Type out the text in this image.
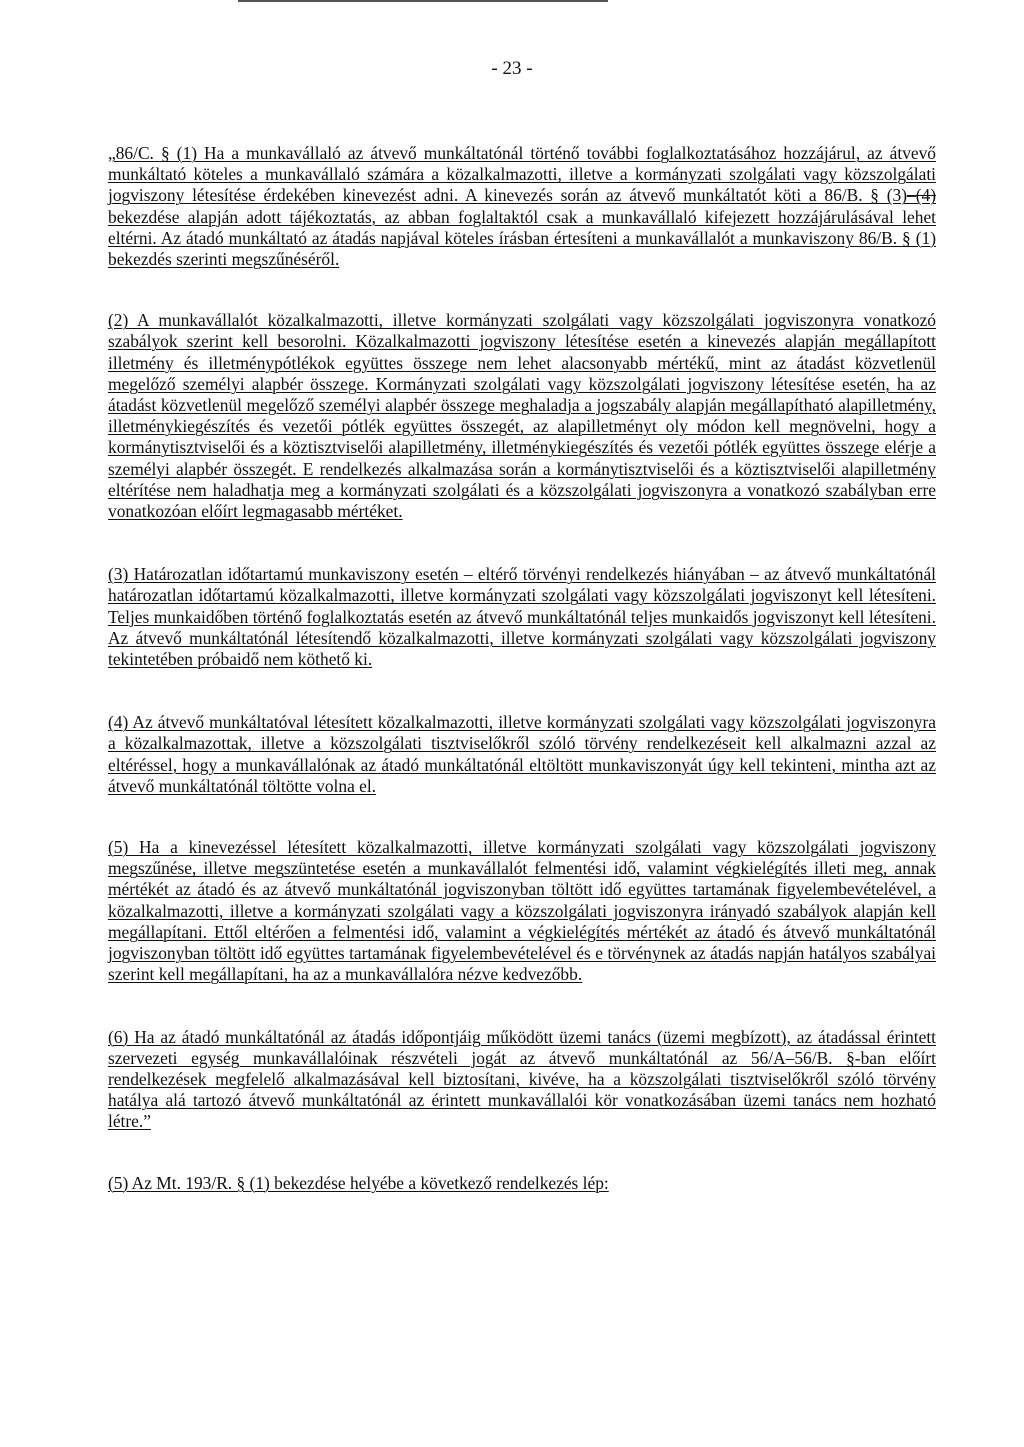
- 23 -

„86/C. § (1) Ha a munkavállaló az átvevő munkáltatónál történő további foglalkoztatásához hozzájárul, az átvevő munkáltató köteles a munkavállaló számára a közalkalmazotti, illetve a kormányzati szolgálati vagy közszolgálati jogviszony létesítése érdekében kinevezést adni. A kinevezés során az átvevő munkáltatót köti a 86/B. § (3)–(4) bekezdése alapján adott tájékoztatás, az abban foglaltaktól csak a munkavállaló kifejezett hozzájárulásával lehet eltérni. Az átadó munkáltató az átadás napjával köteles írásban értesíteni a munkavállalót a munkaviszony 86/B. § (1) bekezdés szerinti megszűnéséről.

(2) A munkavállalót közalkalmazotti, illetve kormányzati szolgálati vagy közszolgálati jogviszonyra vonatkozó szabályok szerint kell besorolni. Közalkalmazotti jogviszony létesítése esetén a kinevezés alapján megállapított illetmény és illetménypótlékok együttes összege nem lehet alacsonyabb mértékű, mint az átadást közvetlenül megelőző személyi alapbér összege. Kormányzati szolgálati vagy közszolgálati jogviszony létesítése esetén, ha az átadást közvetlenül megelőző személyi alapbér összege meghaladja a jogszabály alapján megállapítható alapilletmény, illetménykiegészítés és vezetői pótlék együttes összegét, az alapilletményt oly módon kell megnövelni, hogy a kormánytisztviselői és a köztisztviselői alapilletmény, illetménykiegészítés és vezetői pótlék együttes összege elérje a személyi alapbér összegét. E rendelkezés alkalmazása során a kormánytisztviselői és a köztisztviselői alapilletmény eltérítése nem haladhatja meg a kormányzati szolgálati és a közszolgálati jogviszonyra a vonatkozó szabályban erre vonatkozóan előírt legmagasabb mértéket.

(3) Határozatlan időtartamú munkaviszony esetén – eltérő törvényi rendelkezés hiányában – az átvevő munkáltatónál határozatlan időtartamú közalkalmazotti, illetve kormányzati szolgálati vagy közszolgálati jogviszonyt kell létesíteni. Teljes munkaidőben történő foglalkoztatás esetén az átvevő munkáltatónál teljes munkaidős jogviszonyt kell létesíteni. Az átvevő munkáltatónál létesítendő közalkalmazotti, illetve kormányzati szolgálati vagy közszolgálati jogviszony tekintetében próbaidő nem köthető ki.

(4) Az átvevő munkáltatóval létesített közalkalmazotti, illetve kormányzati szolgálati vagy közszolgálati jogviszonyra a közalkalmazottak, illetve a közszolgálati tisztviselőkről szóló törvény rendelkezéseit kell alkalmazni azzal az eltéréssel, hogy a munkavállalónak az átadó munkáltatónál eltöltött munkaviszonyát úgy kell tekinteni, mintha azt az átvevő munkáltatónál töltötte volna el.

(5) Ha a kinevezéssel létesített közalkalmazotti, illetve kormányzati szolgálati vagy közszolgálati jogviszony megszűnése, illetve megszüntetése esetén a munkavállalót felmentési idő, valamint végkielégítés illeti meg, annak mértékét az átadó és az átvevő munkáltatónál jogviszonyban töltött idő együttes tartamának figyelembevételével, a közalkalmazotti, illetve a kormányzati szolgálati vagy a közszolgálati jogviszonyra irányadó szabályok alapján kell megállapítani. Ettől eltérően a felmentési idő, valamint a végkielégítés mértékét az átadó és átvevő munkáltatónál jogviszonyban töltött idő együttes tartamának figyelembevételével és e törvénynek az átadás napján hatályos szabályai szerint kell megállapítani, ha az a munkavállalóra nézve kedvezőbb.

(6) Ha az átadó munkáltatónál az átadás időpontjáig működött üzemi tanács (üzemi megbízott), az átadással érintett szervezeti egység munkavállalóinak részvételi jogát az átvevő munkáltatónál az 56/A–56/B. §-ban előírt rendelkezések megfelelő alkalmazásával kell biztosítani, kivéve, ha a közszolgálati tisztviselőkről szóló törvény hatálya alá tartozó átvevő munkáltatónál az érintett munkavállalói kör vonatkozásában üzemi tanács nem hozható létre.”

(5) Az Mt. 193/R. § (1) bekezdése helyébe a következő rendelkezés lép:
